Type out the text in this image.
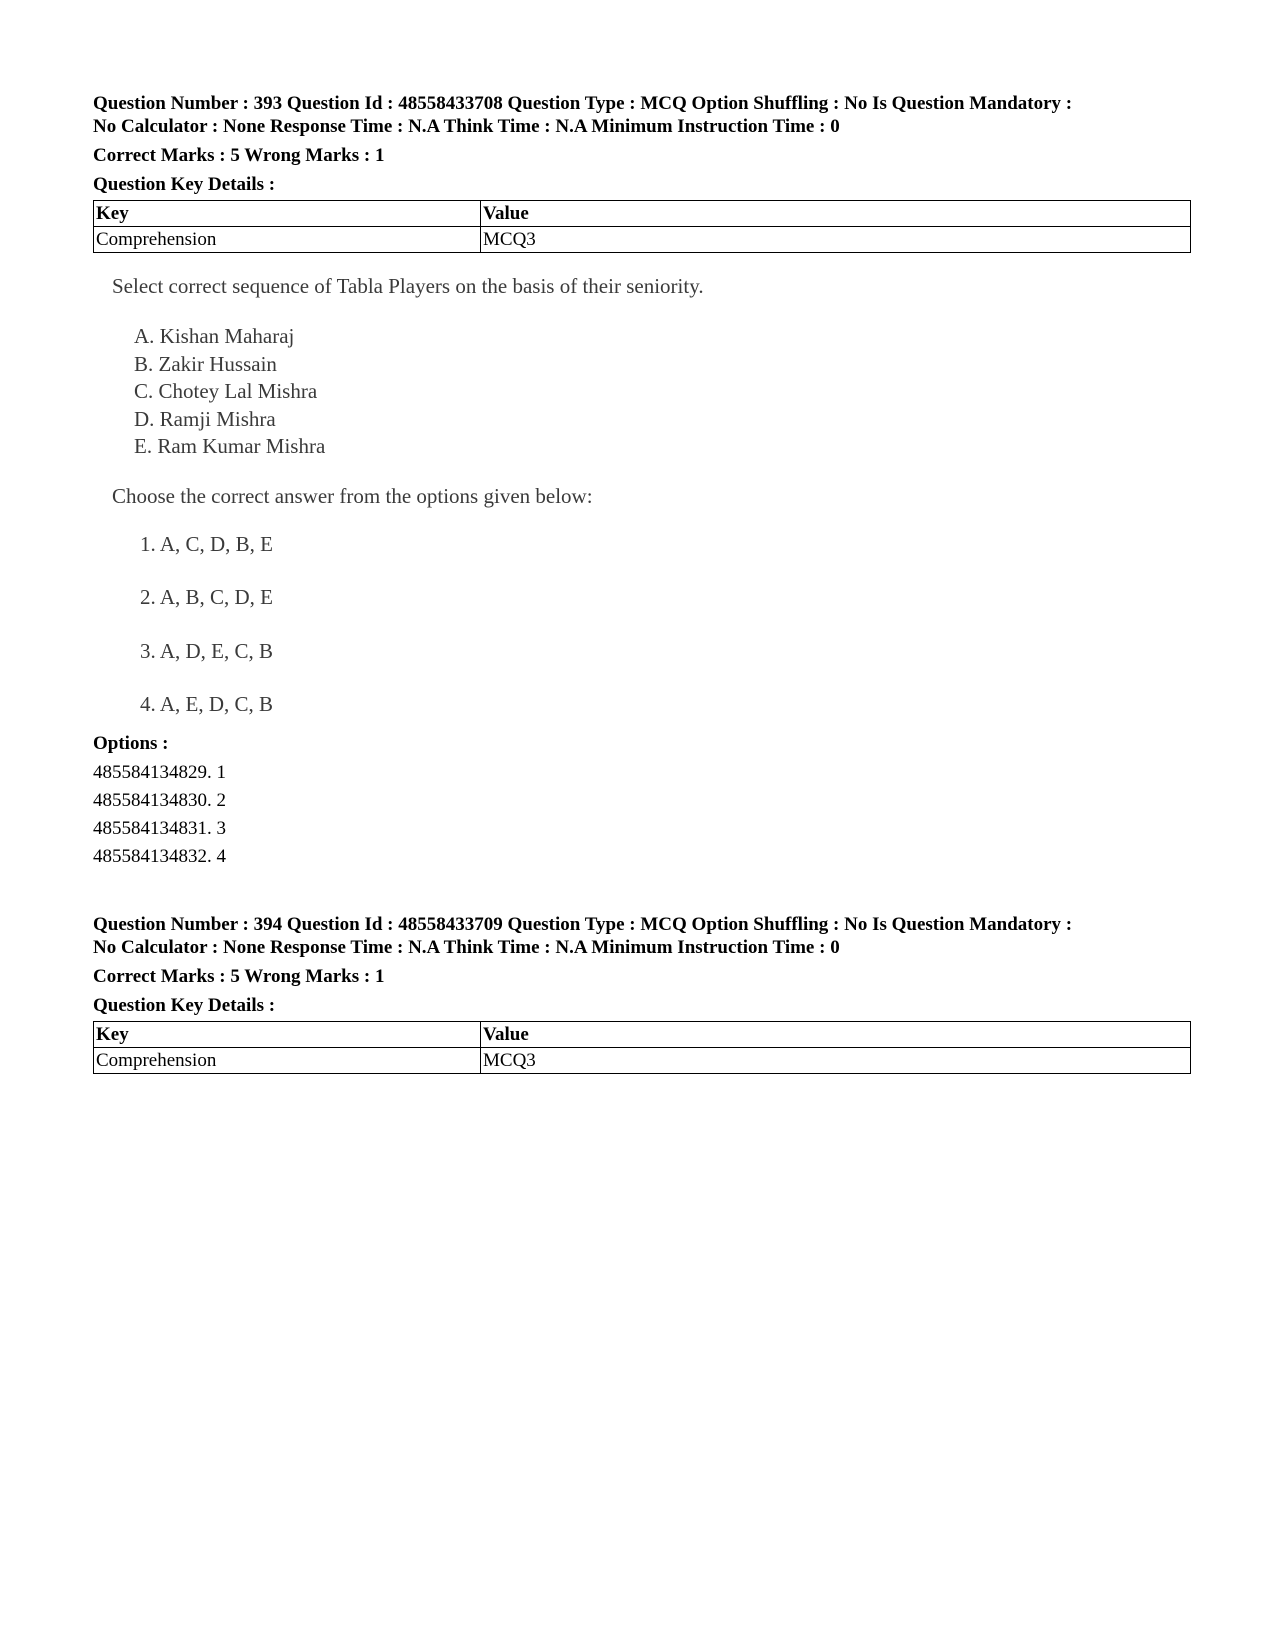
Question Number : 393 Question Id : 48558433708 Question Type : MCQ Option Shuffling : No Is Question Mandatory :

No Calculator : None Response Time : N.A Think Time : N.A Minimum Instruction Time : 0

Correct Marks : 5 Wrong Marks : 1

Question Key Details :

Key	Value
Comprehension	MCQ3
Select correct sequence of Tabla Players on the basis of their seniority.
A. Kishan Maharaj
B. Zakir Hussain
C. Chotey Lal Mishra
D. Ramji Mishra
E. Ram Kumar Mishra
Choose the correct answer from the options given below:
1. A, C, D, B, E
2. A, B, C, D, E
3. A, D, E, C, B
4. A, E, D, C, B

Options :

485584134829. 1

485584134830. 2

485584134831. 3

485584134832. 4

Question Number : 394 Question Id : 48558433709 Question Type : MCQ Option Shuffling : No Is Question Mandatory :

No Calculator : None Response Time : N.A Think Time : N.A Minimum Instruction Time : 0

Correct Marks : 5 Wrong Marks : 1

Question Key Details :

Key	Value
Comprehension	MCQ3
